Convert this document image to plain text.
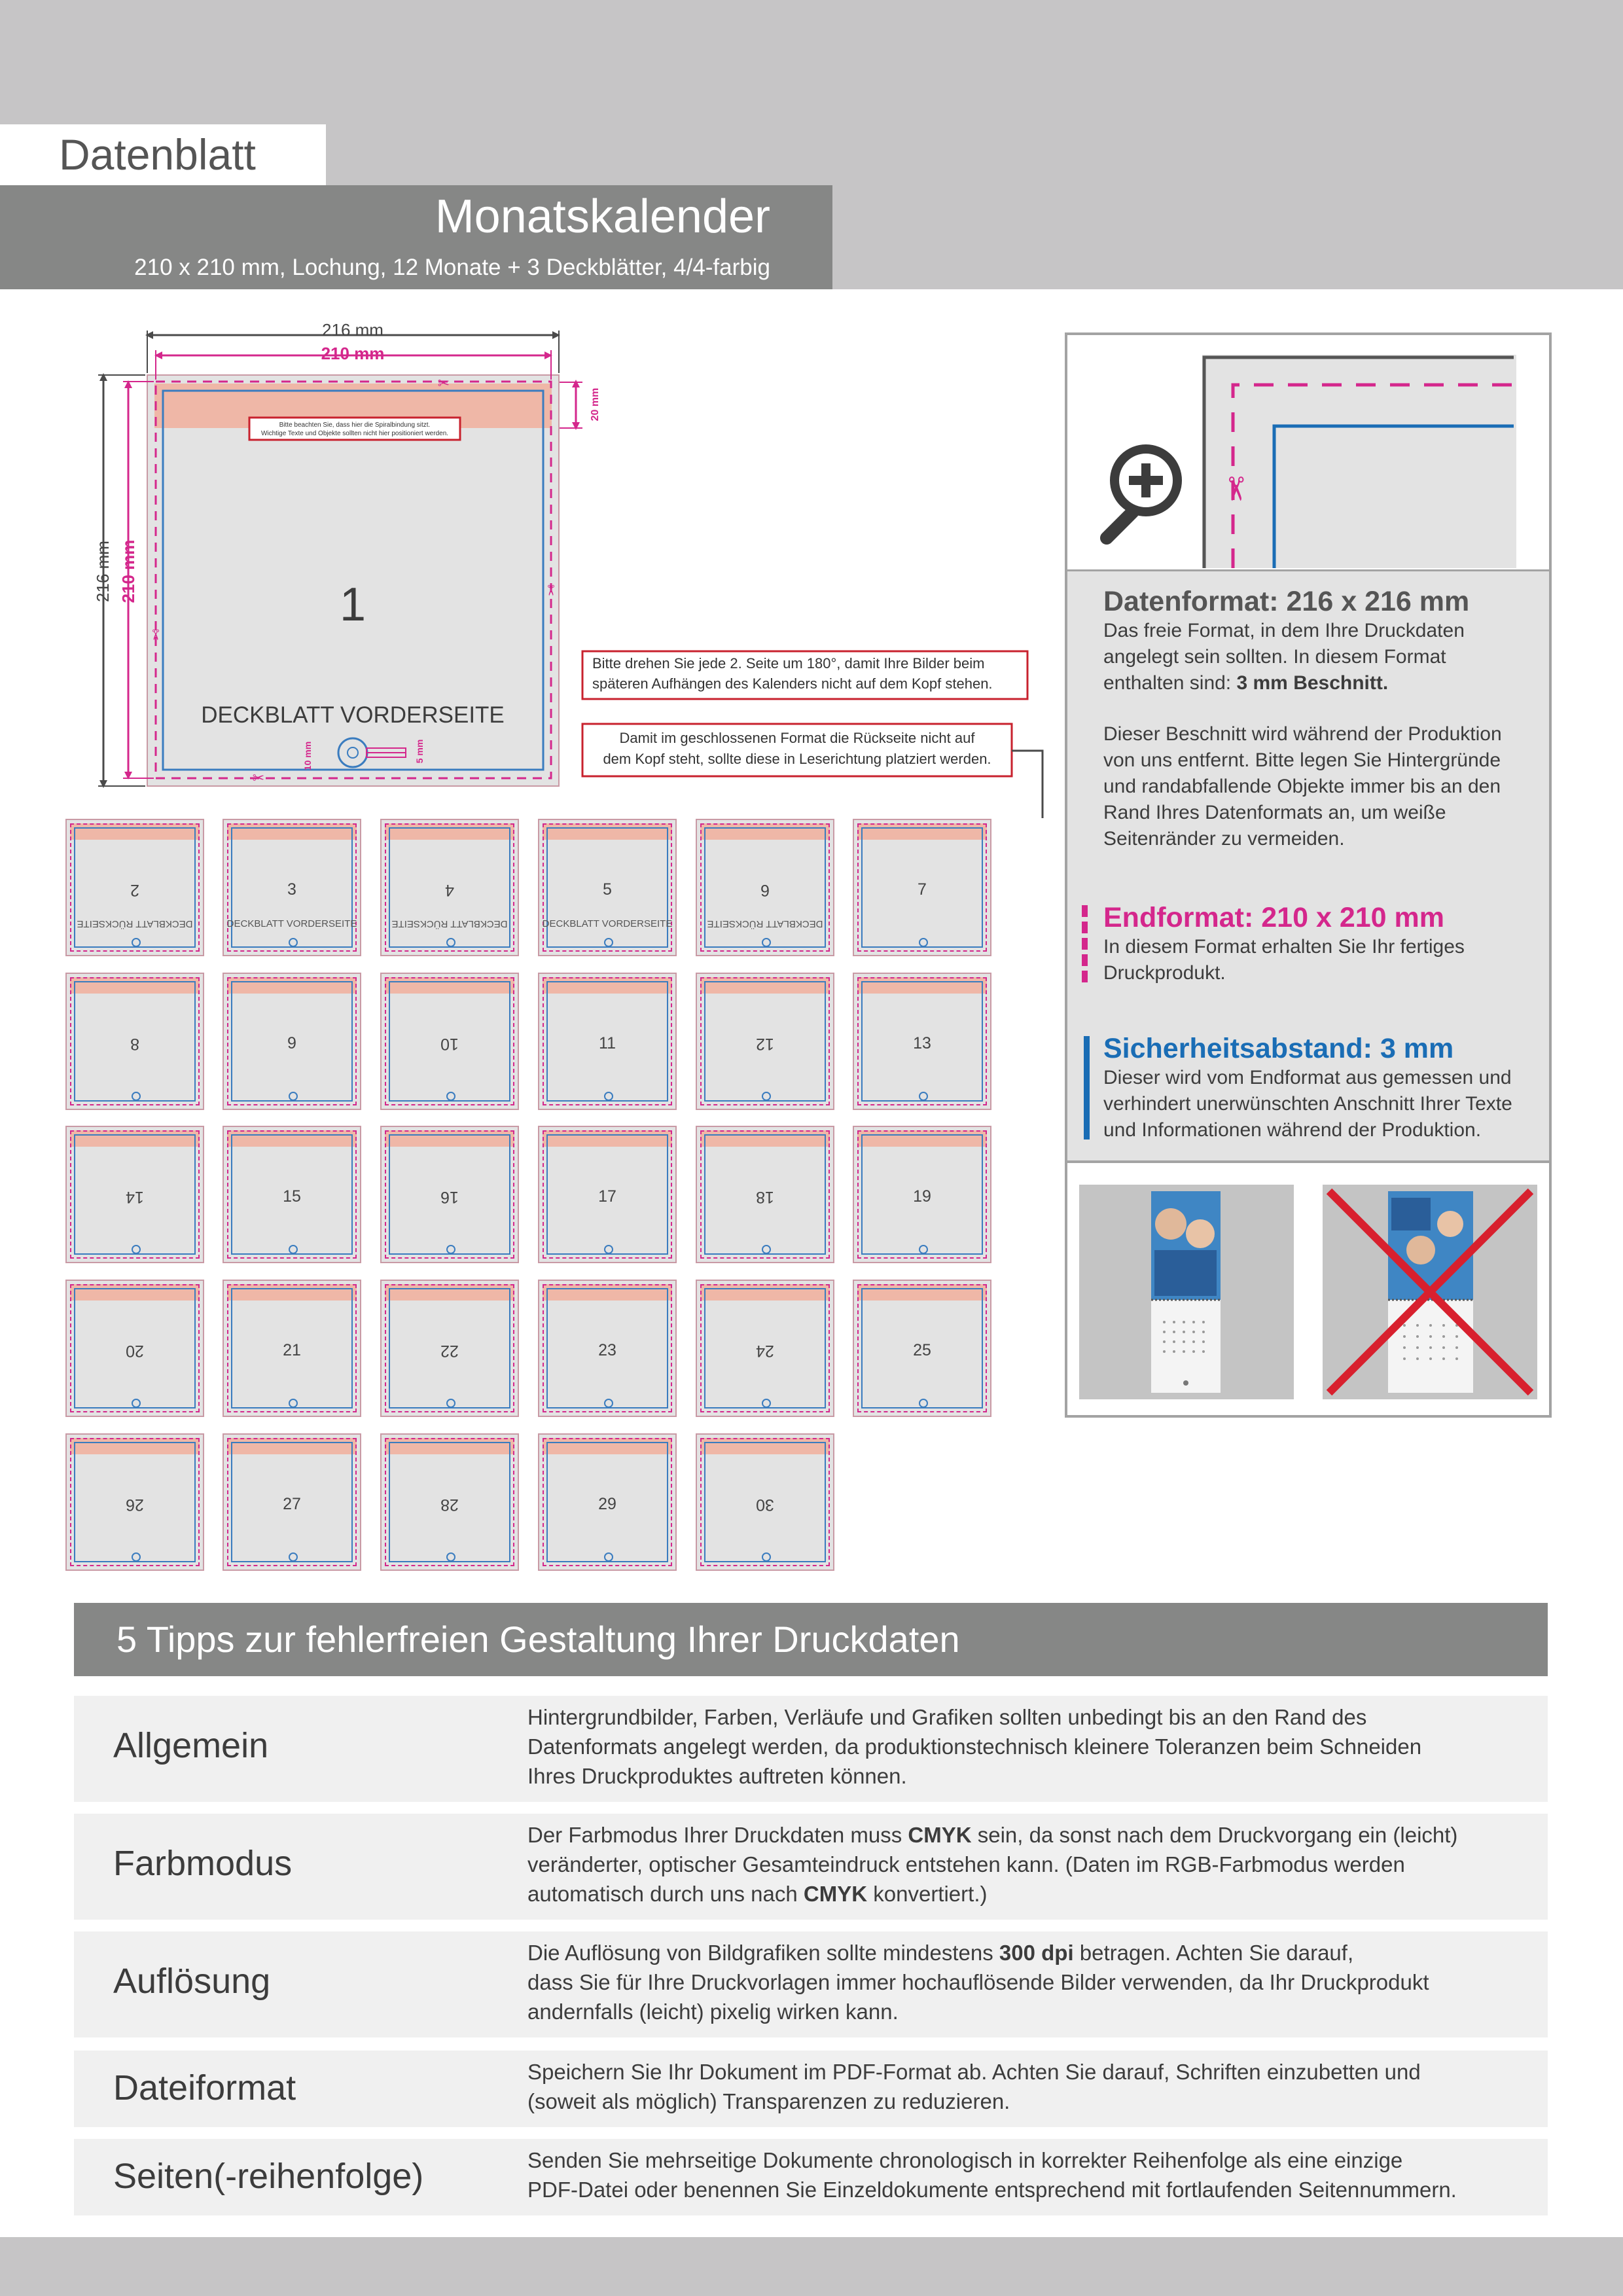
Datenblatt
Monatskalender
210 x 210 mm, Lochung, 12 Monate + 3 Deckblätter, 4/4-farbig
20 mm
216 mm
210 mm
216 mm 210 mm
✂
✂
✂
✂
Bitte beachten Sie, dass hier die Spiralbindung sitzt.
Wichtige Texte und Objekte sollten nicht hier positioniert werden.
1
DECKBLATT VORDERSEITE
10 mm	5 mm
Bitte drehen Sie jede 2. Seite um 180°, damit Ihre Bilder beim
späteren Aufhängen des Kalenders nicht auf dem Kopf stehen.
Damit im geschlossenen Format die Rückseite nicht auf
dem Kopf steht, sollte diese in Leserichtung platziert werden.
2
DECKBLATT RÜCKSEITE
3
DECKBLATT VORDERSEITE
4
DECKBLATT RÜCKSEITE
5
DECKBLATT VORDERSEITE
6
DECKBLATT RÜCKSEITE
7
8	9	10	11	12	13
14	15	16	17	18	19
20	21	22	23	24	25
26	27	28	29	30
✂
Datenformat: 216 x 216 mm
Das freie Format, in dem Ihre Druckdaten
angelegt sein sollten. In diesem Format
enthalten sind: 3 mm Beschnitt.
Dieser Beschnitt wird während der Produktion
von uns entfernt. Bitte legen Sie Hintergründe
und randabfallende Objekte immer bis an den
Rand Ihres Datenformats an, um weiße
Seitenränder zu vermeiden.
Endformat: 210 x 210 mm
In diesem Format erhalten Sie Ihr fertiges
Druckprodukt.
Sicherheitsabstand: 3 mm
Dieser wird vom Endformat aus gemessen und
verhindert unerwünschten Anschnitt Ihrer Texte
und Informationen während der Produktion.
5 Tipps zur fehlerfreien Gestaltung Ihrer Druckdaten
Allgemein
Hintergrundbilder, Farben, Verläufe und Grafiken sollten unbedingt bis an den Rand des
Datenformats angelegt werden, da produktionstechnisch kleinere Toleranzen beim Schneiden
Ihres Druckproduktes auftreten können.
Farbmodus
Der Farbmodus Ihrer Druckdaten muss CMYK sein, da sonst nach dem Druckvorgang ein (leicht)
veränderter, optischer Gesamteindruck entstehen kann. (Daten im RGB-Farbmodus werden
automatisch durch uns nach CMYK konvertiert.)
Auflösung
Die Auflösung von Bildgrafiken sollte mindestens 300 dpi betragen. Achten Sie darauf,
dass Sie für Ihre Druckvorlagen immer hochauflösende Bilder verwenden, da Ihr Druckprodukt
andernfalls (leicht) pixelig wirken kann.
Dateiformat	Speichern Sie Ihr Dokument im PDF-Format ab. Achten Sie darauf, Schriften einzubetten und
(soweit als möglich) Transparenzen zu reduzieren.
Seiten(-reihenfolge)	Senden Sie mehrseitige Dokumente chronologisch in korrekter Reihenfolge als eine einzige
PDF-Datei oder benennen Sie Einzeldokumente entsprechend mit fortlaufenden Seitennummern.
